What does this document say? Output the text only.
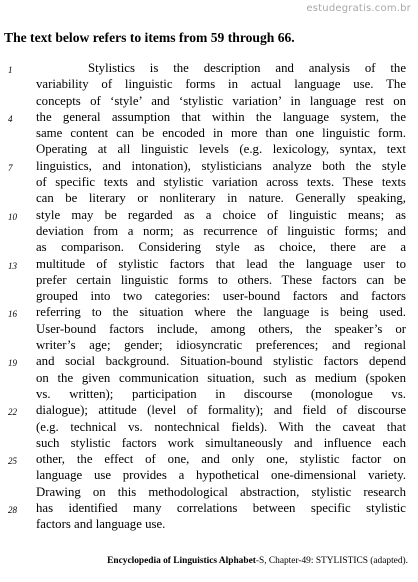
estudegratis.com.br
The text below refers to items from 59 through 66.
1	Stylistics is the description and analysis of the
variability of linguistic forms in actual language use. The
concepts of ‘style’ and ‘stylistic variation’ in language rest on
4	the general assumption that within the language system, the
same content can be encoded in more than one linguistic form.
Operating at all linguistic levels (e.g. lexicology, syntax, text
7	linguistics, and intonation), stylisticians analyze both the style
of specific texts and stylistic variation across texts. These texts
can be literary or nonliterary in nature. Generally speaking,
10	style may be regarded as a choice of linguistic means; as
deviation from a norm; as recurrence of linguistic forms; and
as comparison. Considering style as choice, there are a
13	multitude of stylistic factors that lead the language user to
prefer certain linguistic forms to others. These factors can be
grouped into two categories: user-bound factors and factors
16	referring to the situation where the language is being used.
User-bound factors include, among others, the speaker’s or
writer’s age; gender; idiosyncratic preferences; and regional
19	and social background. Situation-bound stylistic factors depend
on the given communication situation, such as medium (spoken
vs. written); participation in discourse (monologue vs.
22	dialogue); attitude (level of formality); and field of discourse
(e.g. technical vs. nontechnical fields). With the caveat that
such stylistic factors work simultaneously and influence each
25	other, the effect of one, and only one, stylistic factor on
language use provides a hypothetical one-dimensional variety.
Drawing on this methodological abstraction, stylistic research
28	has identified many correlations between specific stylistic
factors and language use.
Encyclopedia of Linguistics Alphabet-S, Chapter-49: STYLISTICS (adapted).
